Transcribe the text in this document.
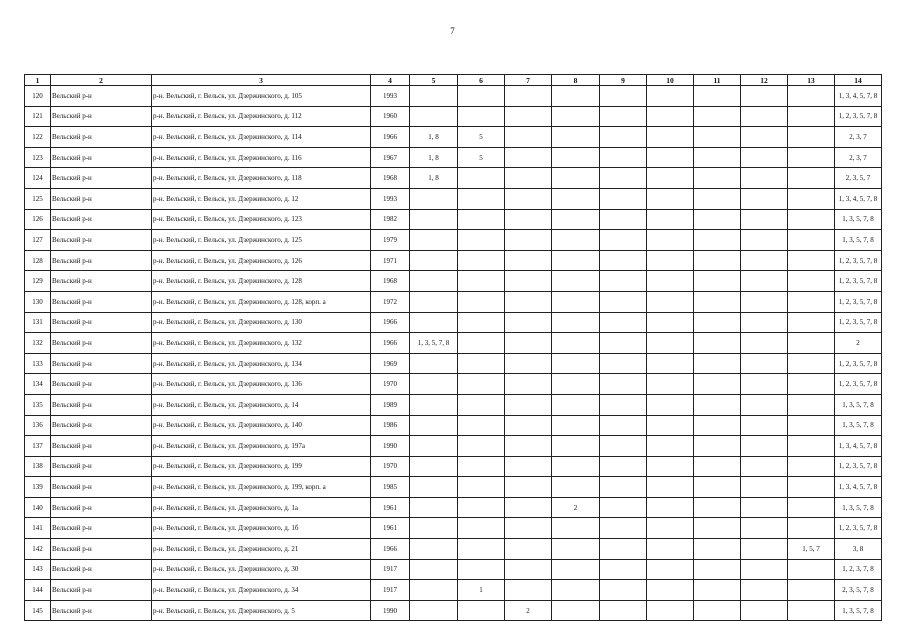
7
1	2	3	4	5	6	7	8	9	10	11	12	13	14
120	Вельский р-н	р-н. Вельский, г. Вельск, ул. Дзержинского, д. 105	1993										1, 3, 4, 5, 7, 8
121	Вельский р-н	р-н. Вельский, г. Вельск, ул. Дзержинского, д. 112	1960										1, 2, 3, 5, 7, 8
122	Вельский р-н	р-н. Вельский, г. Вельск, ул. Дзержинского, д. 114	1966	1, 8	5								2, 3, 7
123	Вельский р-н	р-н. Вельский, г. Вельск, ул. Дзержинского, д. 116	1967	1, 8	5								2, 3, 7
124	Вельский р-н	р-н. Вельский, г. Вельск, ул. Дзержинского, д. 118	1968	1, 8									2, 3, 5, 7
125	Вельский р-н	р-н. Вельский, г. Вельск, ул. Дзержинского, д. 12	1993										1, 3, 4, 5, 7, 8
126	Вельский р-н	р-н. Вельский, г. Вельск, ул. Дзержинского, д. 123	1982										1, 3, 5, 7, 8
127	Вельский р-н	р-н. Вельский, г. Вельск, ул. Дзержинского, д. 125	1979										1, 3, 5, 7, 8
128	Вельский р-н	р-н. Вельский, г. Вельск, ул. Дзержинского, д. 126	1971										1, 2, 3, 5, 7, 8
129	Вельский р-н	р-н. Вельский, г. Вельск, ул. Дзержинского, д. 128	1968										1, 2, 3, 5, 7, 8
130	Вельский р-н	р-н. Вельский, г. Вельск, ул. Дзержинского, д. 128, корп. а	1972										1, 2, 3, 5, 7, 8
131	Вельский р-н	р-н. Вельский, г. Вельск, ул. Дзержинского, д. 130	1966										1, 2, 3, 5, 7, 8
132	Вельский р-н	р-н. Вельский, г. Вельск, ул. Дзержинского, д. 132	1966	1, 3, 5, 7, 8									2
133	Вельский р-н	р-н. Вельский, г. Вельск, ул. Дзержинского, д. 134	1969										1, 2, 3, 5, 7, 8
134	Вельский р-н	р-н. Вельский, г. Вельск, ул. Дзержинского, д. 136	1970										1, 2, 3, 5, 7, 8
135	Вельский р-н	р-н. Вельский, г. Вельск, ул. Дзержинского, д. 14	1989										1, 3, 5, 7, 8
136	Вельский р-н	р-н. Вельский, г. Вельск, ул. Дзержинского, д. 140	1986										1, 3, 5, 7, 8
137	Вельский р-н	р-н. Вельский, г. Вельск, ул. Дзержинского, д. 197а	1990										1, 3, 4, 5, 7, 8
138	Вельский р-н	р-н. Вельский, г. Вельск, ул. Дзержинского, д. 199	1970										1, 2, 3, 5, 7, 8
139	Вельский р-н	р-н. Вельский, г. Вельск, ул. Дзержинского, д. 199, корп. а	1985										1, 3, 4, 5, 7, 8
140	Вельский р-н	р-н. Вельский, г. Вельск, ул. Дзержинского, д. 1а	1961				2						1, 3, 5, 7, 8
141	Вельский р-н	р-н. Вельский, г. Вельск, ул. Дзержинского, д. 1б	1961										1, 2, 3, 5, 7, 8
142	Вельский р-н	р-н. Вельский, г. Вельск, ул. Дзержинского, д. 21	1966									1, 5, 7	3, 8
143	Вельский р-н	р-н. Вельский, г. Вельск, ул. Дзержинского, д. 30	1917										1, 2, 3, 7, 8
144	Вельский р-н	р-н. Вельский, г. Вельск, ул. Дзержинского, д. 34	1917		1								2, 3, 5, 7, 8
145	Вельский р-н	р-н. Вельский, г. Вельск, ул. Дзержинского, д. 5	1990			2							1, 3, 5, 7, 8
